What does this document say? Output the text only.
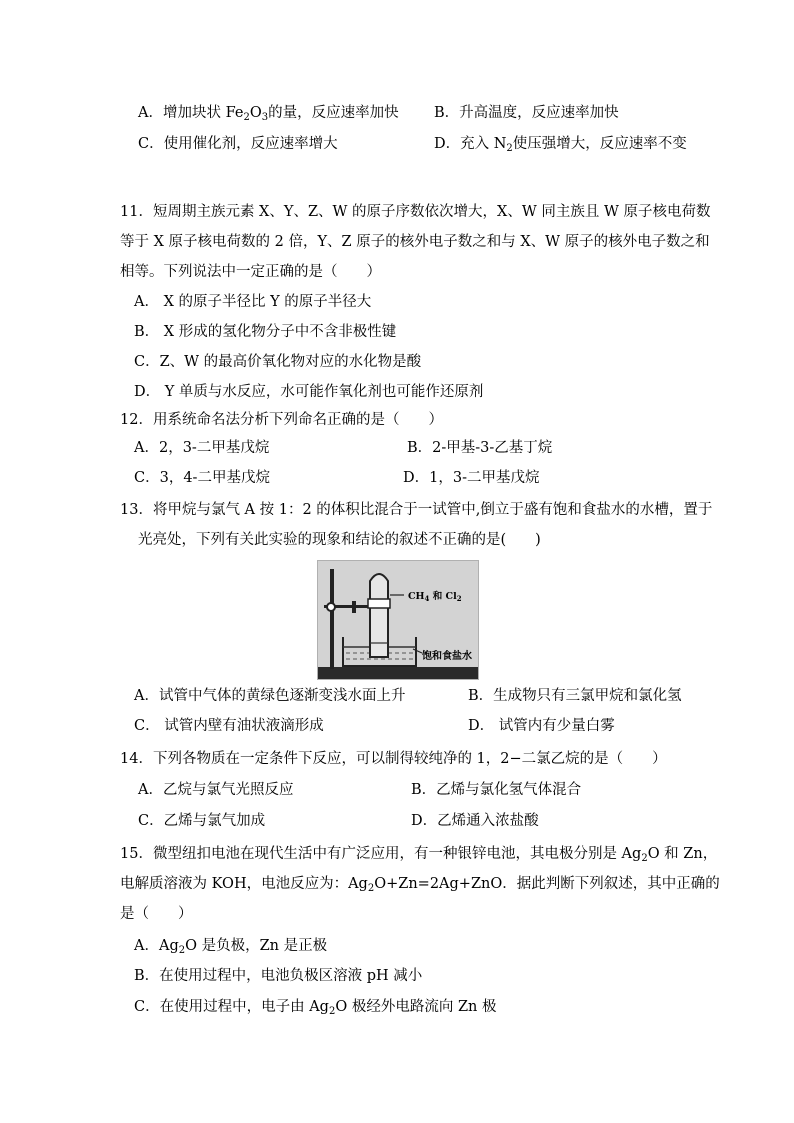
A．增加块状 $Fe_2O_3$的量，反应速率加快 B．升高温度，反应速率加快
C．使用催化剂，反应速率增大	D．充入 $N_2$使压强增大，反应速率不变
11．短周期主族元素 X、Y、Z、W 的原子序数依次增大，X、W 同主族且 W 原子核电荷数
等于 X 原子核电荷数的 2 倍，Y、Z 原子的核外电子数之和与 X、W 原子的核外电子数之和
相等。下列说法中一定正确的是（　　）
A． X 的原子半径比 Y 的原子半径大
B． X 形成的氢化物分子中不含非极性键
C．Z、W 的最高价氧化物对应的水化物是酸
D． Y 单质与水反应，水可能作氧化剂也可能作还原剂
12．用系统命名法分析下列命名正确的是（　　）
A．2，3-二甲基戊烷	B．2-甲基-3-乙基丁烷
C．3，4-二甲基戊烷	D．1，3-二甲基戊烷
13．将甲烷与氯气 A 按 1：2 的体积比混合于一试管中,倒立于盛有饱和食盐水的水槽，置于
光亮处，下列有关此实验的现象和结论的叙述不正确的是(　　)
$CH_4$ 和 $Cl_2$
饱和食盐水
A．试管中气体的黄绿色逐渐变浅水面上升	B．生成物只有三氯甲烷和氯化氢
C． 试管内壁有油状液滴形成	D． 试管内有少量白雾
14．下列各物质在一定条件下反应，可以制得较纯净的 1，2−二氯乙烷的是（　　）
A．乙烷与氯气光照反应	B．乙烯与氯化氢气体混合
C．乙烯与氯气加成	D．乙烯通入浓盐酸
15．微型纽扣电池在现代生活中有广泛应用，有一种银锌电池，其电极分别是 $Ag_2O$ 和 Zn，
电解质溶液为 KOH，电池反应为：$Ag_2O+Zn=2Ag+ZnO$．据此判断下列叙述，其中正确的
是（　　）
A．$Ag_2O$ 是负极，Zn 是正极
B．在使用过程中，电池负极区溶液 pH 减小
C．在使用过程中，电子由 $Ag_2O$ 极经外电路流向 Zn 极
